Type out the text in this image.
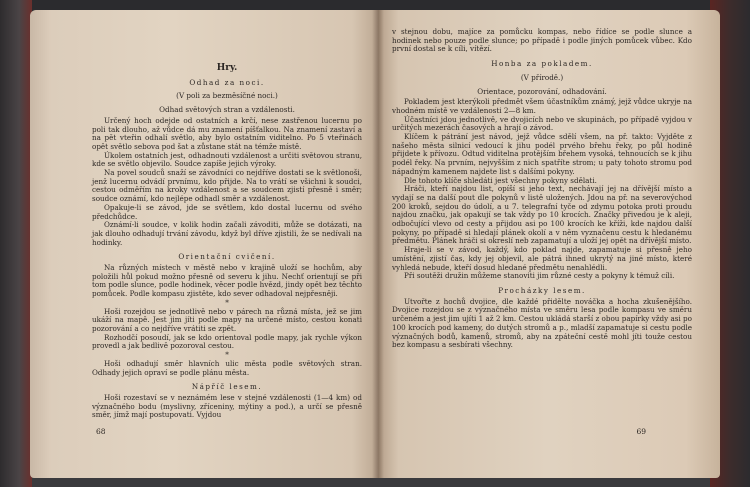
Hry.
Odhad za noci.
(V poli za bezměsíčné noci.)
Odhad světových stran a vzdálenosti.

Určený hoch odejde od ostatních a krčí, nese zastřenou lucernu po poli tak dlouho, až vůdce dá mu znamení píšťalkou. Na znamení zastaví a na pět vteřin odhalí světlo, aby bylo ostatním viditelno. Po 5 vteřinách opět světlo sebova pod šat a zůstane stát na témže místě.

Úkolem ostatních jest, odhadnouti vzdálenost a určiti světovou stranu, kde se světlo objevilo. Soudce zapíše jejich výroky.

Na povel soudců snaží se závodníci co nejdříve dostati se k světlonoši, jenž lucernu odvádí prvnímu, kdo přijde. Na to vrátí se všichni k soudci, cestou odměřím na kroky vzdálenost a se soudcem zjistí přesně i směr; soudce oznámí, kdo nejlépe odhadl směr a vzdálenost.

Opakuje-li se závod, jde se světlem, kdo dostal lucernu od svého předchůdce.

Oznámí-li soudce, v kolik hodin začali závoditi, může se dotázati, na jak dlouho odhadují trvání závodu, když byl dříve zjistili, že se nedívali na hodinky.

Orientační cvičení.

Na různých místech v městě nebo v krajině uloží se hochům, aby položili hůl pokud možno přesně od severu k jihu. Nechť orientují se při tom podle slunce, podle hodinek, věcer podle hvězd, jindy opět bez těchto pomůcek. Podle kompasu zjistěte, kdo sever odhadoval nejpřesněji.

*

Hoši rozejdou se jednotlivě nebo v párech na různá místa, jež se jim ukáží na mapě. Jest jim jíti podle mapy na určené místo, cestou konati pozorování a co nejdříve vrátiti se zpět.

Rozhodčí posoudí, jak se kdo orientoval podle mapy, jak rychle výkon provedl a jak bedlivě pozoroval cestou.

*

Hoši odhadují směr hlavních ulic města podle světových stran. Odhady jejich opraví se podle plánu města.

Nápříč lesem.

Hoši rozestaví se v neznámém lese v stejné vzdálenosti (1—4 km) od význačného bodu (myslivny, zříceniny, mýtiny a pod.), a určí se přesně směr, jímž mají postupovati. Vyjdou

68

v stejnou dobu, majíce za pomůcku kompas, nebo řídíce se podle slunce a hodinek nebo pouze podle slunce; po případě i podle jiných pomůcek vůbec. Kdo první dostal se k cíli, vítězí.

Honba za pokladem.
(V přírodě.)
Orientace, pozorování, odhadování.

Pokladem jest kterýkoli předmět všem účastníkům známý, jejž vůdce ukryje na vhodném místě ve vzdálenosti 2—8 km.

Účastníci jdou jednotlivě, ve dvojicích nebo ve skupinách, po případě vyjdou v určitých mezerách časových a hrají o závod.

Klíčem k pátrání jest návod, jejž vůdce sdělí všem, na př. takto: Vyjděte z našeho města silnicí vedoucí k jihu podél prvého břehu řeky, po půl hodině přijdete k přívozu. Odtud viditelna protějším břehem vysoká, tehnoucích se k jihu podél řeky. Na prvním, nejvyšším z nich spatříte strom; u paty tohoto stromu pod nápadným kamenem najdete list s dalšími pokyny.

Dle tohoto klíče shledáti jest všechny pokyny sdělati.

Hráči, kteří najdou list, opíší si jeho text, nechávají jej na dřívější místo a vydají se na další pout dle pokynů v listě uložených. Jdou na př. na severovýchod 200 kroků, sejdou do údolí, a u 7. telegrafní tyče od zdymu potoka proti proudu najdou značku, jak opakují se tak vždy po 10 krocích. Značky přivedou je k aleji, odbočující vlevo od cesty a přijdou asi po 100 krocích ke kříži, kde najdou další pokyny, po případě si hledají plánek okolí a v něm vyznačenu cestu k hledanému předmětu. Plánek hráči si okreslí neb zapamatují a uloží jej opět na dřívější místo.

Hraje-li se v závod, každý, kdo poklad najde, zapamatuje si přesně jeho umístění, zjistí čas, kdy jej objevil, ale pátrá ihned ukrytý na jiné místo, které vyhledá nebude, kteří dosud hledané předmětu nenahlédli.

Při soutěži družin můžeme stanoviti jim různé cesty a pokyny k témuž cíli.

Procházky lesem.

Utvořte z hochů dvojice, dle každé přidělte nováčka a hocha zkušenějšího. Dvojice rozejdou se z význačného místa ve směru lesa podle kompasu ve směru určeném a jest jim ujíti 1 až 2 km. Cestou ukládá starší z obou papírky vždy asi po 100 krocích pod kameny, do dutých stromů a p., mladší zapamatuje si cestu podle význačných bodů, kamenů, stromů, aby na zpáteční cestě mohl jíti touže cestou bez kompasu a sesbírati všechny.

69
